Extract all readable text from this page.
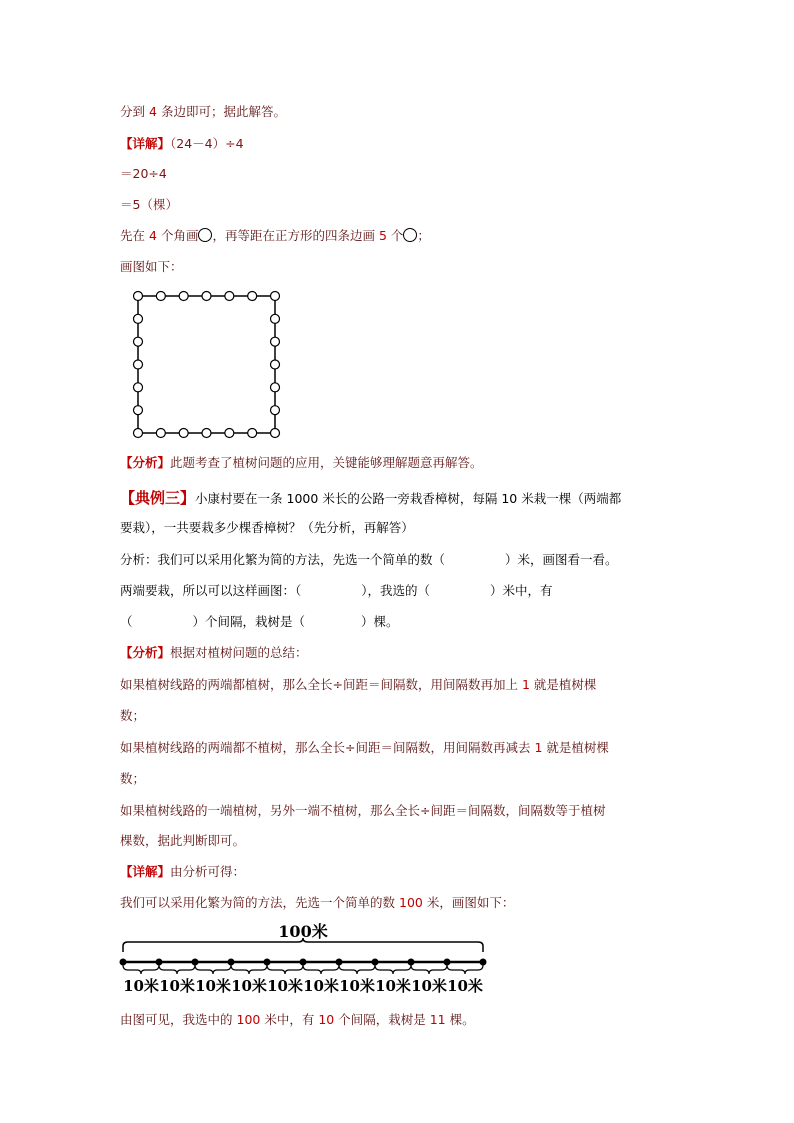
分到 4 条边即可；据此解答。
【详解】（24－4）÷4
＝20÷4
＝5（棵）
先在 4 个角画 ，再等距在正方形的四条边画 5 个 ；
画图如下：
【分析】此题考查了植树问题的应用，关键能够理解题意再解答。
【典例三】小康村要在一条 1000 米长的公路一旁栽香樟树，每隔 10 米栽一棵（两端都
要栽），一共要栽多少棵香樟树？（先分析，再解答）
分析：我们可以采用化繁为简的方法，先选一个简单的数（	）米，画图看一看。
两端要栽，所以可以这样画图：（	），我选的（	）米中，有
（	）个间隔，栽树是（	）棵。
【分析】根据对植树问题的总结：
如果植树线路的两端都植树，那么全长÷间距＝间隔数，用间隔数再加上 1 就是植树棵
数；
如果植树线路的两端都不植树，那么全长÷间距＝间隔数，用间隔数再减去 1 就是植树棵
数；
如果植树线路的一端植树，另外一端不植树，那么全长÷间距＝间隔数，间隔数等于植树
棵数，据此判断即可。
【详解】由分析可得：
我们可以采用化繁为简的方法，先选一个简单的数 100 米，画图如下：
100米
10米 10米 10米 10米 10米 10米 10米 10米 10米 10米
由图可见，我选中的 100 米中，有 10 个间隔，栽树是 11 棵。
